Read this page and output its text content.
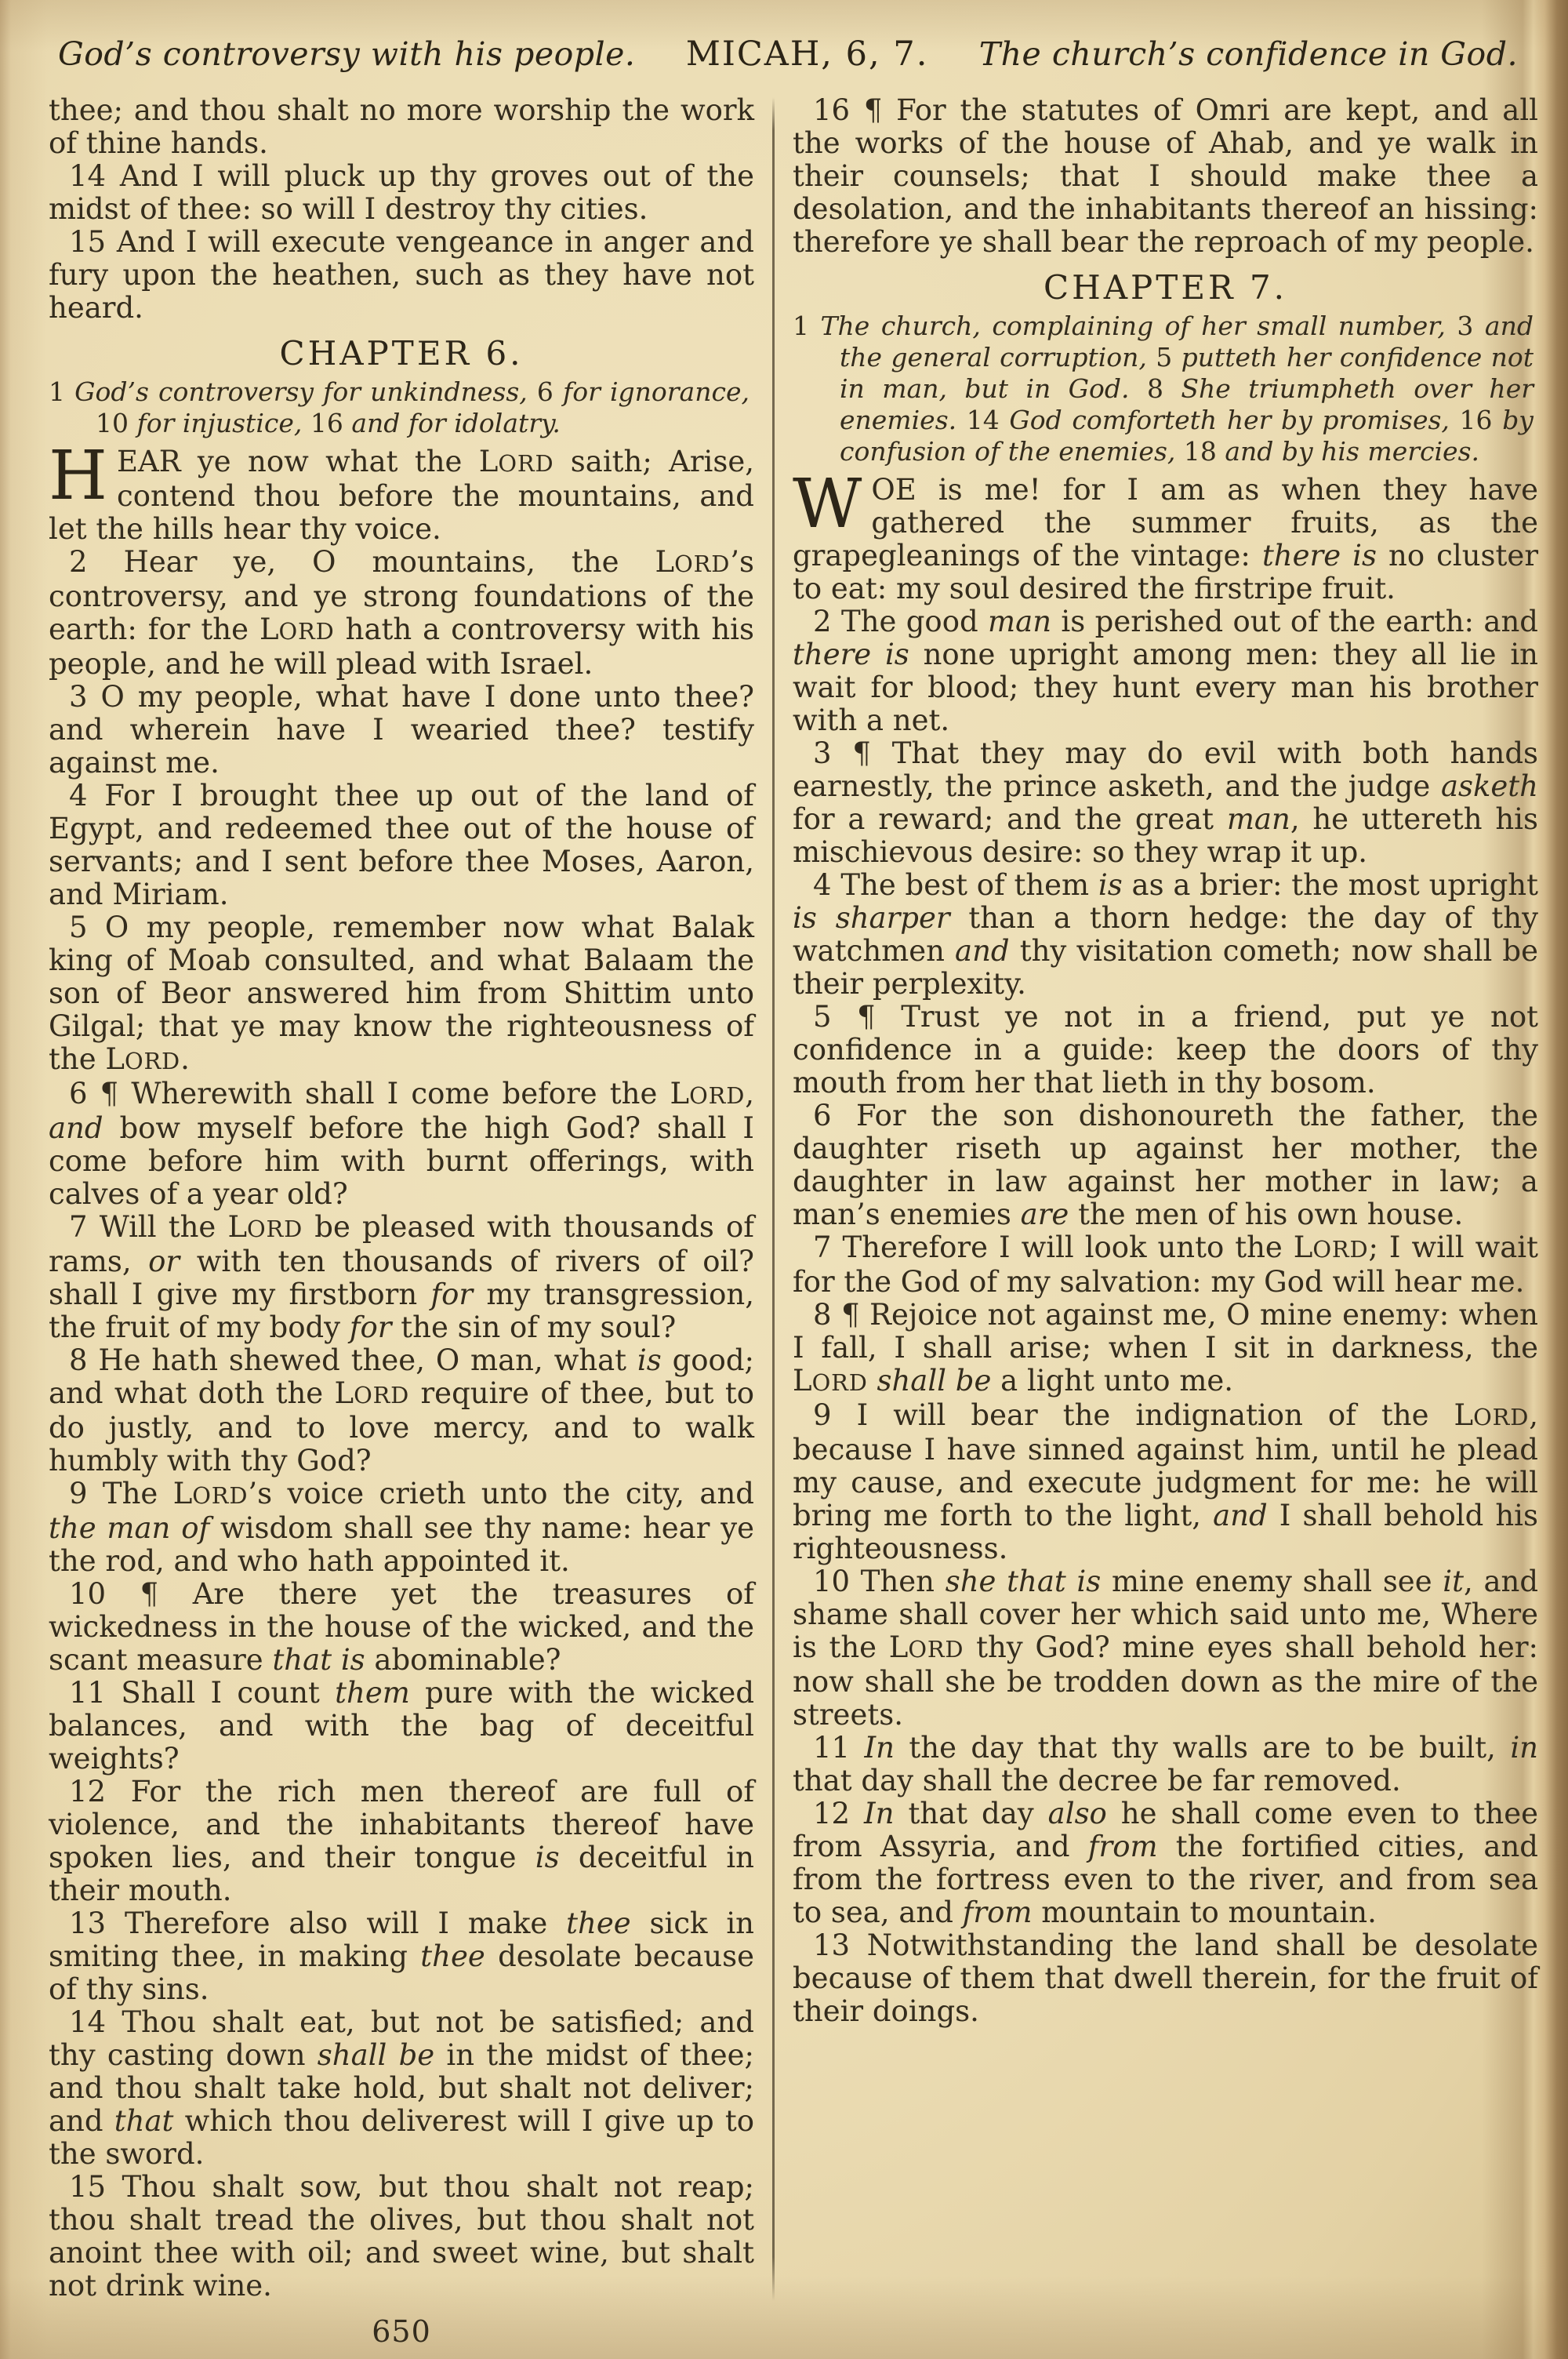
God’s controversy with his people. MICAH, 6, 7. The church’s confidence in God.

thee; and thou shalt no more worship the work of thine hands.

14 And I will pluck up thy groves out of the midst of thee: so will I destroy thy cities.

15 And I will execute vengeance in anger and fury upon the heathen, such as they have not heard.

CHAPTER 6.

1 God’s controversy for unkindness, 6 for ignorance, 10 for injustice, 16 and for idolatry.

HEAR ye now what the LORD saith; Arise, contend thou before the mountains, and let the hills hear thy voice.

2 Hear ye, O mountains, the LORD’s controversy, and ye strong foundations of the earth: for the LORD hath a controversy with his people, and he will plead with Israel.

3 O my people, what have I done unto thee? and wherein have I wearied thee? testify against me.

4 For I brought thee up out of the land of Egypt, and redeemed thee out of the house of servants; and I sent before thee Moses, Aaron, and Miriam.

5 O my people, remember now what Balak king of Moab consulted, and what Balaam the son of Beor answered him from Shittim unto Gilgal; that ye may know the righteousness of the LORD.

6 ¶ Wherewith shall I come before the LORD, and bow myself before the high God? shall I come before him with burnt offerings, with calves of a year old?

7 Will the LORD be pleased with thousands of rams, or with ten thousands of rivers of oil? shall I give my firstborn for my transgression, the fruit of my body for the sin of my soul?

8 He hath shewed thee, O man, what is good; and what doth the LORD require of thee, but to do justly, and to love mercy, and to walk humbly with thy God?

9 The LORD’s voice crieth unto the city, and the man of wisdom shall see thy name: hear ye the rod, and who hath appointed it.

10 ¶ Are there yet the treasures of wickedness in the house of the wicked, and the scant measure that is abominable?

11 Shall I count them pure with the wicked balances, and with the bag of deceitful weights?

12 For the rich men thereof are full of violence, and the inhabitants thereof have spoken lies, and their tongue is deceitful in their mouth.

13 Therefore also will I make thee sick in smiting thee, in making thee desolate because of thy sins.

14 Thou shalt eat, but not be satisfied; and thy casting down shall be in the midst of thee; and thou shalt take hold, but shalt not deliver; and that which thou deliverest will I give up to the sword.

15 Thou shalt sow, but thou shalt not reap; thou shalt tread the olives, but thou shalt not anoint thee with oil; and sweet wine, but shalt not drink wine.

650

16 ¶ For the statutes of Omri are kept, and all the works of the house of Ahab, and ye walk in their counsels; that I should make thee a desolation, and the inhabitants thereof an hissing: therefore ye shall bear the reproach of my people.

CHAPTER 7.

1 The church, complaining of her small number, 3 and the general corruption, 5 putteth her confidence not in man, but in God. 8 She triumpheth over her enemies. 14 God comforteth her by promises, 16 by confusion of the enemies, 18 and by his mercies.

WOE is me! for I am as when they have gathered the summer fruits, as the grapegleanings of the vintage: there is no cluster to eat: my soul desired the firstripe fruit.

2 The good man is perished out of the earth: and there is none upright among men: they all lie in wait for blood; they hunt every man his brother with a net.

3 ¶ That they may do evil with both hands earnestly, the prince asketh, and the judge asketh for a reward; and the great man, he uttereth his mischievous desire: so they wrap it up.

4 The best of them is as a brier: the most upright is sharper than a thorn hedge: the day of thy watchmen and thy visitation cometh; now shall be their perplexity.

5 ¶ Trust ye not in a friend, put ye not confidence in a guide: keep the doors of thy mouth from her that lieth in thy bosom.

6 For the son dishonoureth the father, the daughter riseth up against her mother, the daughter in law against her mother in law; a man’s enemies are the men of his own house.

7 Therefore I will look unto the LORD; I will wait for the God of my salvation: my God will hear me.

8 ¶ Rejoice not against me, O mine enemy: when I fall, I shall arise; when I sit in darkness, the LORD shall be a light unto me.

9 I will bear the indignation of the LORD, because I have sinned against him, until he plead my cause, and execute judgment for me: he will bring me forth to the light, and I shall behold his righteousness.

10 Then she that is mine enemy shall see it, and shame shall cover her which said unto me, Where is the LORD thy God? mine eyes shall behold her: now shall she be trodden down as the mire of the streets.

11 In the day that thy walls are to be built, in that day shall the decree be far removed.

12 In that day also he shall come even to thee from Assyria, and from the fortified cities, and from the fortress even to the river, and from sea to sea, and from mountain to mountain.

13 Notwithstanding the land shall be desolate because of them that dwell therein, for the fruit of their doings.
